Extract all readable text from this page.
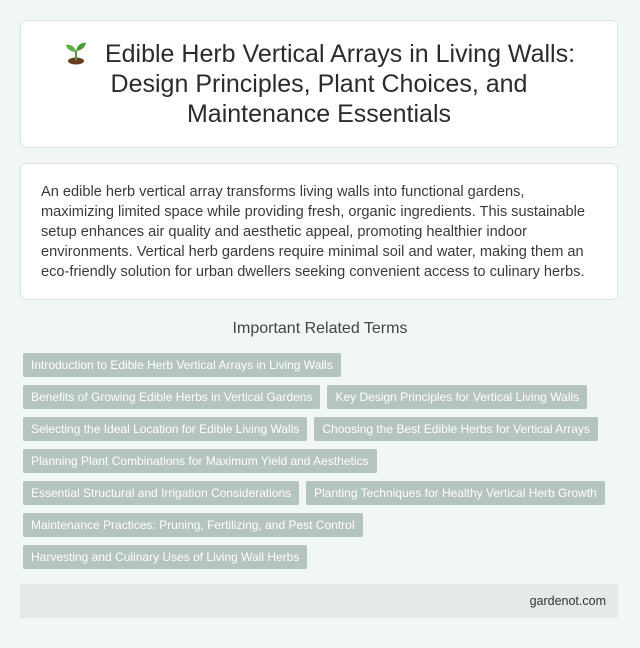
Edible Herb Vertical Arrays in Living Walls: Design Principles, Plant Choices, and Maintenance Essentials

An edible herb vertical array transforms living walls into functional gardens, maximizing limited space while providing fresh, organic ingredients. This sustainable setup enhances air quality and aesthetic appeal, promoting healthier indoor environments. Vertical herb gardens require minimal soil and water, making them an eco-friendly solution for urban dwellers seeking convenient access to culinary herbs.

Important Related Terms
Introduction to Edible Herb Vertical Arrays in Living Walls
Benefits of Growing Edible Herbs in Vertical Gardens	Key Design Principles for Vertical Living Walls
Selecting the Ideal Location for Edible Living Walls	Choosing the Best Edible Herbs for Vertical Arrays
Planning Plant Combinations for Maximum Yield and Aesthetics
Essential Structural and Irrigation Considerations	Planting Techniques for Healthy Vertical Herb Growth
Maintenance Practices: Pruning, Fertilizing, and Pest Control
Harvesting and Culinary Uses of Living Wall Herbs
gardenot.com
